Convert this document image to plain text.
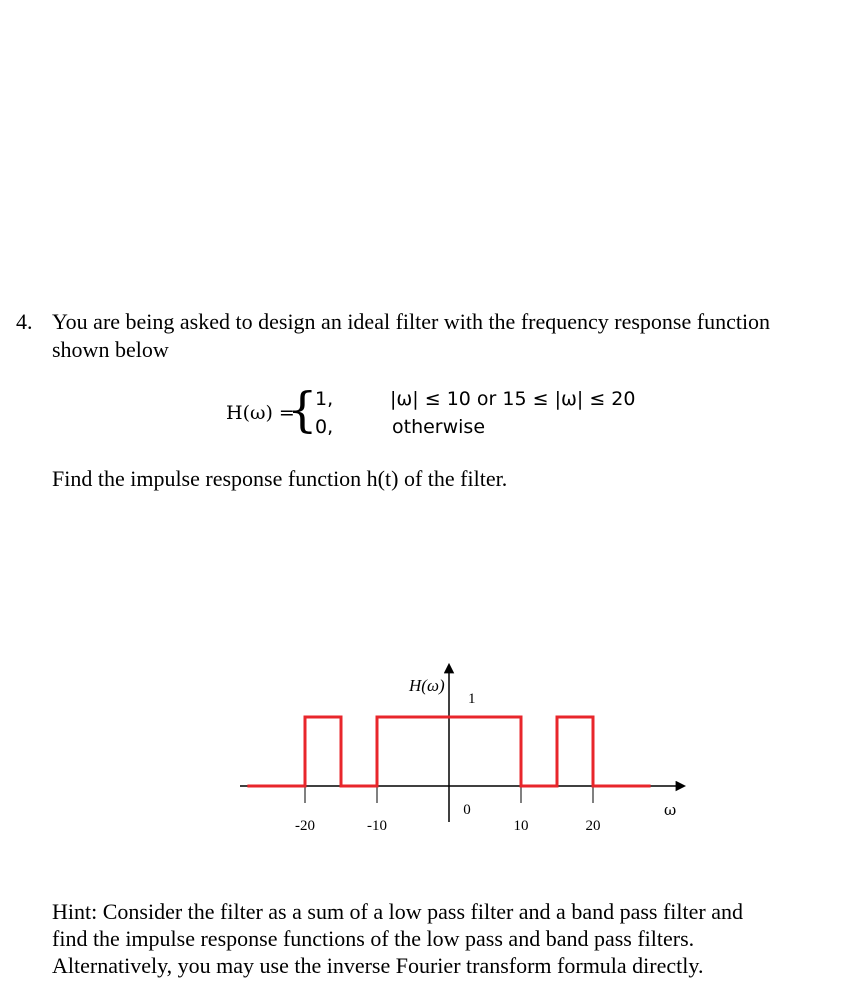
4. You are being asked to design an ideal filter with the frequency response function
shown below
H(ω) =
{
1,	|ω| ≤ 10 or 15 ≤ |ω| ≤ 20
0,	otherwise
Find the impulse response function h(t) of the filter.
-20	-10
0
10	20
1
H(ω)
ω
Hint: Consider the filter as a sum of a low pass filter and a band pass filter and
find the impulse response functions of the low pass and band pass filters.
Alternatively, you may use the inverse Fourier transform formula directly.
